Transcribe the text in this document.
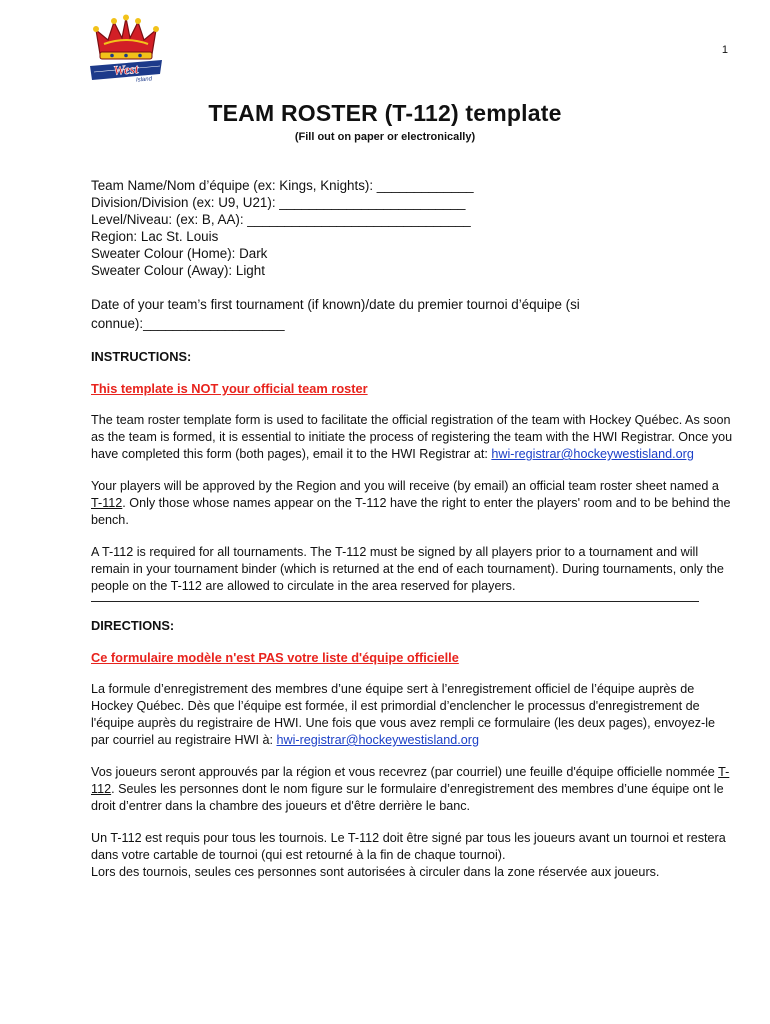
West
Island
1
TEAM ROSTER (T-112) template
(Fill out on paper or electronically)
Team Name/Nom d’équipe (ex: Kings, Knights): _____________
Division/Division (ex: U9, U21): _________________________
Level/Niveau: (ex: B, AA): ______________________________
Region: Lac St. Louis
Sweater Colour (Home): Dark
Sweater Colour (Away): Light
Date of your team’s first tournament (if known)/date du premier tournoi d’équipe (si
connue):___________________
INSTRUCTIONS:
This template is NOT your official team roster

The team roster template form is used to facilitate the official registration of the team with Hockey Québec. As soon as the team is formed, it is essential to initiate the process of registering the team with the HWI Registrar. Once you have completed this form (both pages), email it to the HWI Registrar at: hwi-registrar@hockeywestisland.org

Your players will be approved by the Region and you will receive (by email) an official team roster sheet named a T-112. Only those whose names appear on the T-112 have the right to enter the players' room and to be behind the bench.

A T-112 is required for all tournaments. The T-112 must be signed by all players prior to a tournament and will remain in your tournament binder (which is returned at the end of each tournament). During tournaments, only the people on the T-112 are allowed to circulate in the area reserved for players.

DIRECTIONS:
Ce formulaire modèle n'est PAS votre liste d'équipe officielle

La formule d’enregistrement des membres d’une équipe sert à l’enregistrement officiel de l’équipe auprès de Hockey Québec. Dès que l’équipe est formée, il est primordial d’enclencher le processus d'enregistrement de l'équipe auprès du registraire de HWI. Une fois que vous avez rempli ce formulaire (les deux pages), envoyez-le par courriel au registraire HWI à: hwi-registrar@hockeywestisland.org

Vos joueurs seront approuvés par la région et vous recevrez (par courriel) une feuille d'équipe officielle nommée T-112. Seules les personnes dont le nom figure sur le formulaire d’enregistrement des membres d’une équipe ont le droit d’entrer dans la chambre des joueurs et d'être derrière le banc.

Un T-112 est requis pour tous les tournois. Le T-112 doit être signé par tous les joueurs avant un tournoi et restera dans votre cartable de tournoi (qui est retourné à la fin de chaque tournoi).

Lors des tournois, seules ces personnes sont autorisées à circuler dans la zone réservée aux joueurs.
